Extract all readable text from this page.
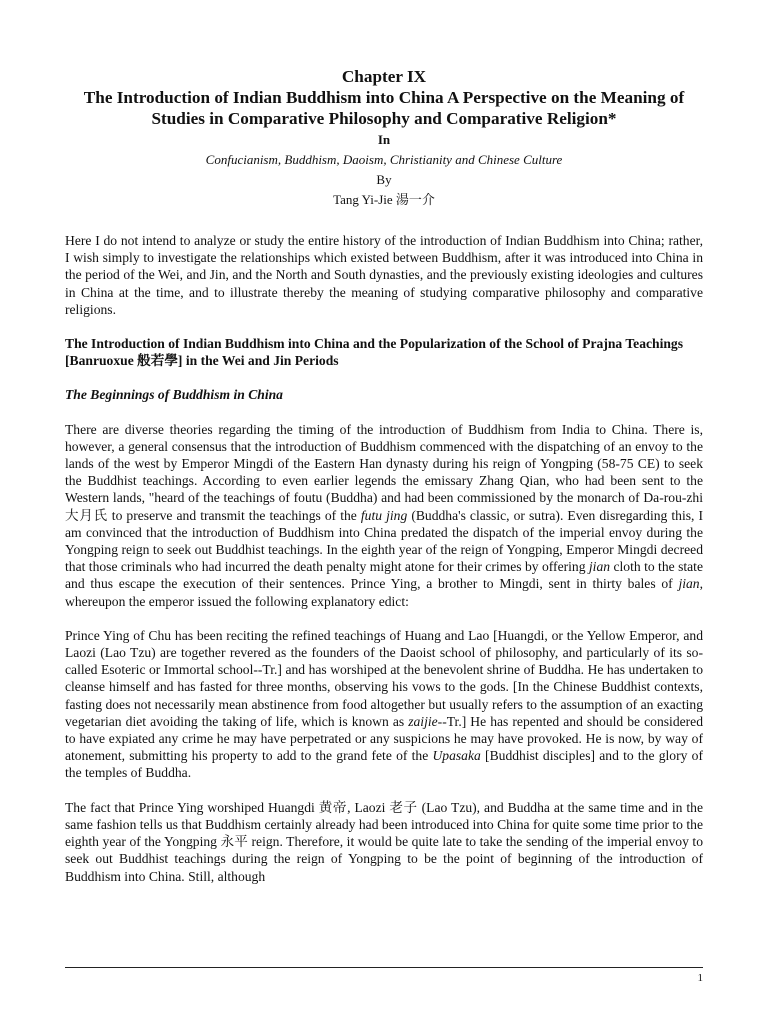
Chapter IX
The Introduction of Indian Buddhism into China A Perspective on the Meaning of
Studies in Comparative Philosophy and Comparative Religion*
In
Confucianism, Buddhism, Daoism, Christianity and Chinese Culture
By
Tang Yi-Jie 湯一介

Here I do not intend to analyze or study the entire history of the introduction of Indian Buddhism into China; rather, I wish simply to investigate the relationships which existed between Buddhism, after it was introduced into China in the period of the Wei, and Jin, and the North and South dynasties, and the previously existing ideologies and cultures in China at the time, and to illustrate thereby the meaning of studying comparative philosophy and comparative religions.

The Introduction of Indian Buddhism into China and the Popularization of the School of Prajna Teachings [Banruoxue 般若學] in the Wei and Jin Periods

The Beginnings of Buddhism in China

There are diverse theories regarding the timing of the introduction of Buddhism from India to China. There is, however, a general consensus that the introduction of Buddhism commenced with the dispatching of an envoy to the lands of the west by Emperor Mingdi of the Eastern Han dynasty during his reign of Yongping (58-75 CE) to seek the Buddhist teachings. According to even earlier legends the emissary Zhang Qian, who had been sent to the Western lands, "heard of the teachings of foutu (Buddha) and had been commissioned by the monarch of Da-rou-zhi 大月氏 to preserve and transmit the teachings of the futu jing (Buddha's classic, or sutra). Even disregarding this, I am convinced that the introduction of Buddhism into China predated the dispatch of the imperial envoy during the Yongping reign to seek out Buddhist teachings. In the eighth year of the reign of Yongping, Emperor Mingdi decreed that those criminals who had incurred the death penalty might atone for their crimes by offering jian cloth to the state and thus escape the execution of their sentences. Prince Ying, a brother to Mingdi, sent in thirty bales of jian, whereupon the emperor issued the following explanatory edict:

Prince Ying of Chu has been reciting the refined teachings of Huang and Lao [Huangdi, or the Yellow Emperor, and Laozi (Lao Tzu) are together revered as the founders of the Daoist school of philosophy, and particularly of its so-called Esoteric or Immortal school--Tr.] and has worshiped at the benevolent shrine of Buddha. He has undertaken to cleanse himself and has fasted for three months, observing his vows to the gods. [In the Chinese Buddhist contexts, fasting does not necessarily mean abstinence from food altogether but usually refers to the assumption of an exacting vegetarian diet avoiding the taking of life, which is known as zaijie--Tr.] He has repented and should be considered to have expiated any crime he may have perpetrated or any suspicions he may have provoked. He is now, by way of atonement, submitting his property to add to the grand fete of the Upasaka [Buddhist disciples] and to the glory of the temples of Buddha.

The fact that Prince Ying worshiped Huangdi 黄帝, Laozi 老子 (Lao Tzu), and Buddha at the same time and in the same fashion tells us that Buddhism certainly already had been introduced into China for quite some time prior to the eighth year of the Yongping 永平 reign. Therefore, it would be quite late to take the sending of the imperial envoy to seek out Buddhist teachings during the reign of Yongping to be the point of beginning of the introduction of Buddhism into China. Still, although

1
